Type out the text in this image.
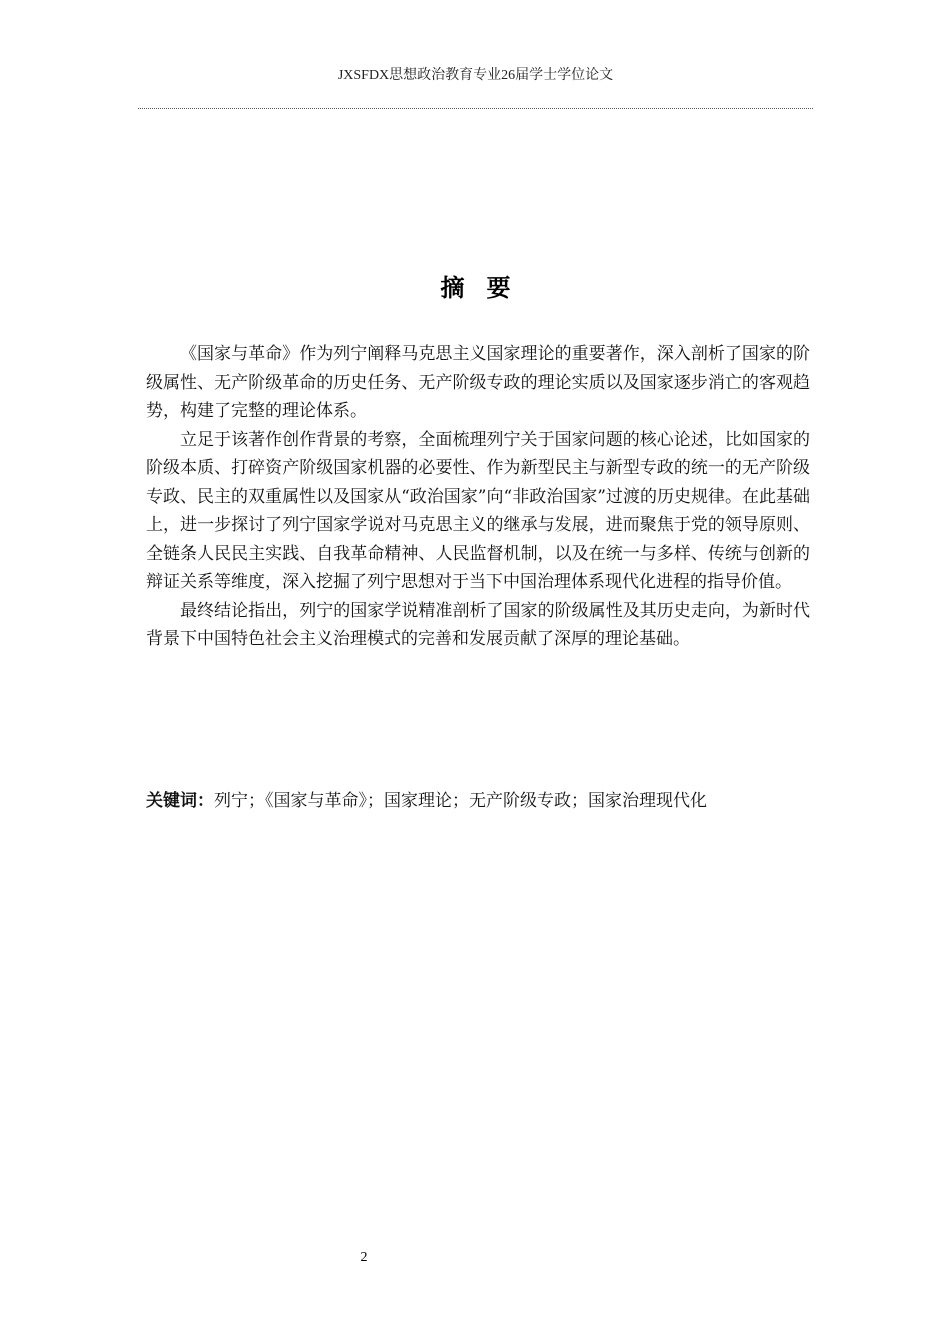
JXSFDX思想政治教育专业26届学士学位论文
摘要

《国家与革命》作为列宁阐释马克思主义国家理论的重要著作，深入剖析了国家的阶级属性、无产阶级革命的历史任务、无产阶级专政的理论实质以及国家逐步消亡的客观趋势，构建了完整的理论体系。

立足于该著作创作背景的考察，全面梳理列宁关于国家问题的核心论述，比如国家的阶级本质、打碎资产阶级国家机器的必要性、作为新型民主与新型专政的统一的无产阶级专政、民主的双重属性以及国家从“政治国家”向“非政治国家”过渡的历史规律。在此基础上，进一步探讨了列宁国家学说对马克思主义的继承与发展，进而聚焦于党的领导原则、全链条人民民主实践、自我革命精神、人民监督机制，以及在统一与多样、传统与创新的辩证关系等维度，深入挖掘了列宁思想对于当下中国治理体系现代化进程的指导价值。

最终结论指出，列宁的国家学说精准剖析了国家的阶级属性及其历史走向，为新时代背景下中国特色社会主义治理模式的完善和发展贡献了深厚的理论基础。

关键词：列宁；《国家与革命》；国家理论；无产阶级专政；国家治理现代化
2
